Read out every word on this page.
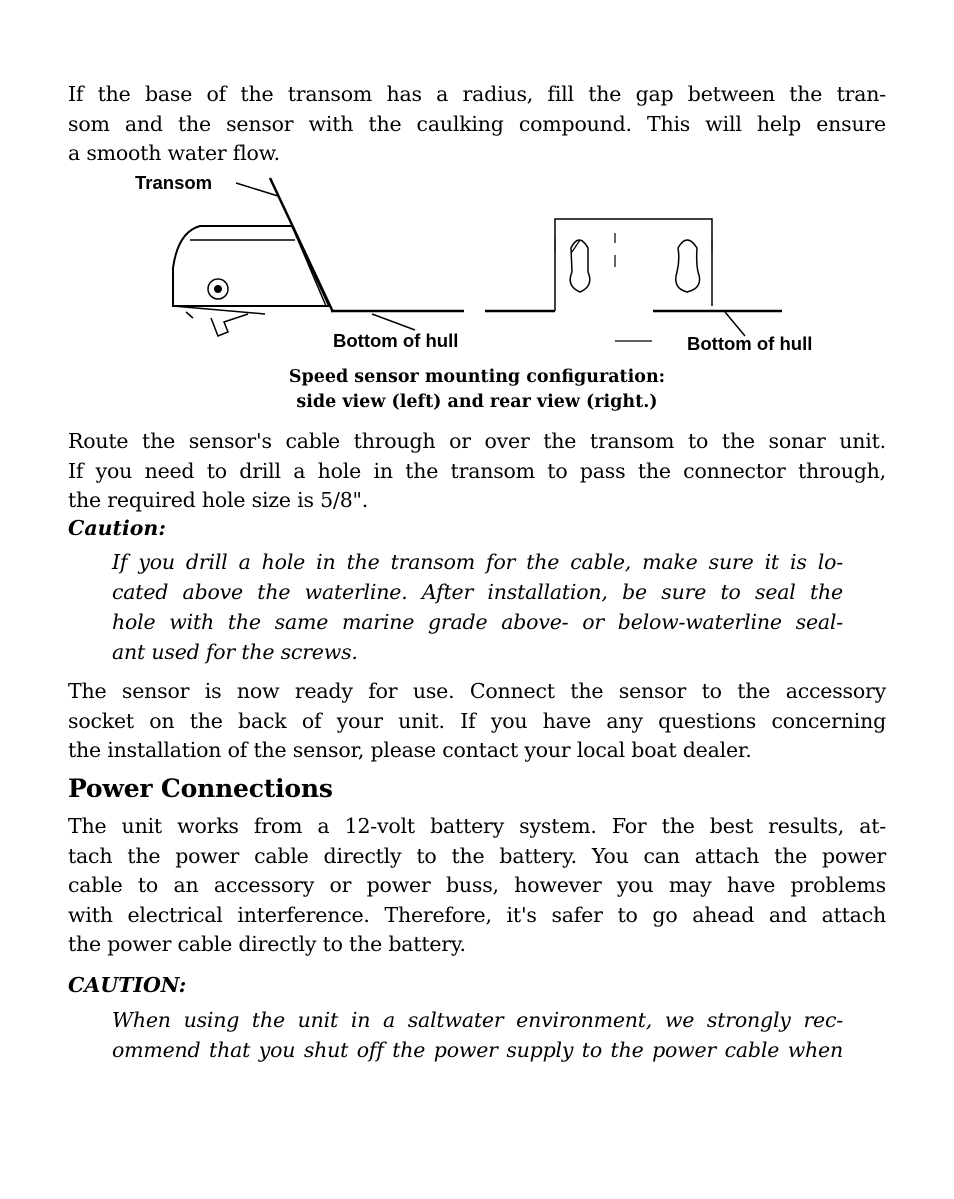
If the base of the transom has a radius, fill the gap between the tran-
som and the sensor with the caulking compound. This will help ensure
a smooth water flow.
Transom
Bottom of hull	Bottom of hull
Speed sensor mounting configuration:
side view (left) and rear view (right.)
Route the sensor's cable through or over the transom to the sonar unit.
If you need to drill a hole in the transom to pass the connector through,
the required hole size is 5/8".
Caution:
If you drill a hole in the transom for the cable, make sure it is lo-
cated above the waterline. After installation, be sure to seal the
hole with the same marine grade above- or below-waterline seal-
ant used for the screws.
The sensor is now ready for use. Connect the sensor to the accessory
socket on the back of your unit. If you have any questions concerning
the installation of the sensor, please contact your local boat dealer.
Power Connections
The unit works from a 12-volt battery system. For the best results, at-
tach the power cable directly to the battery. You can attach the power
cable to an accessory or power buss, however you may have problems
with electrical interference. Therefore, it's safer to go ahead and attach
the power cable directly to the battery.
CAUTION:
When using the unit in a saltwater environment, we strongly rec-
ommend that you shut off the power supply to the power cable when
